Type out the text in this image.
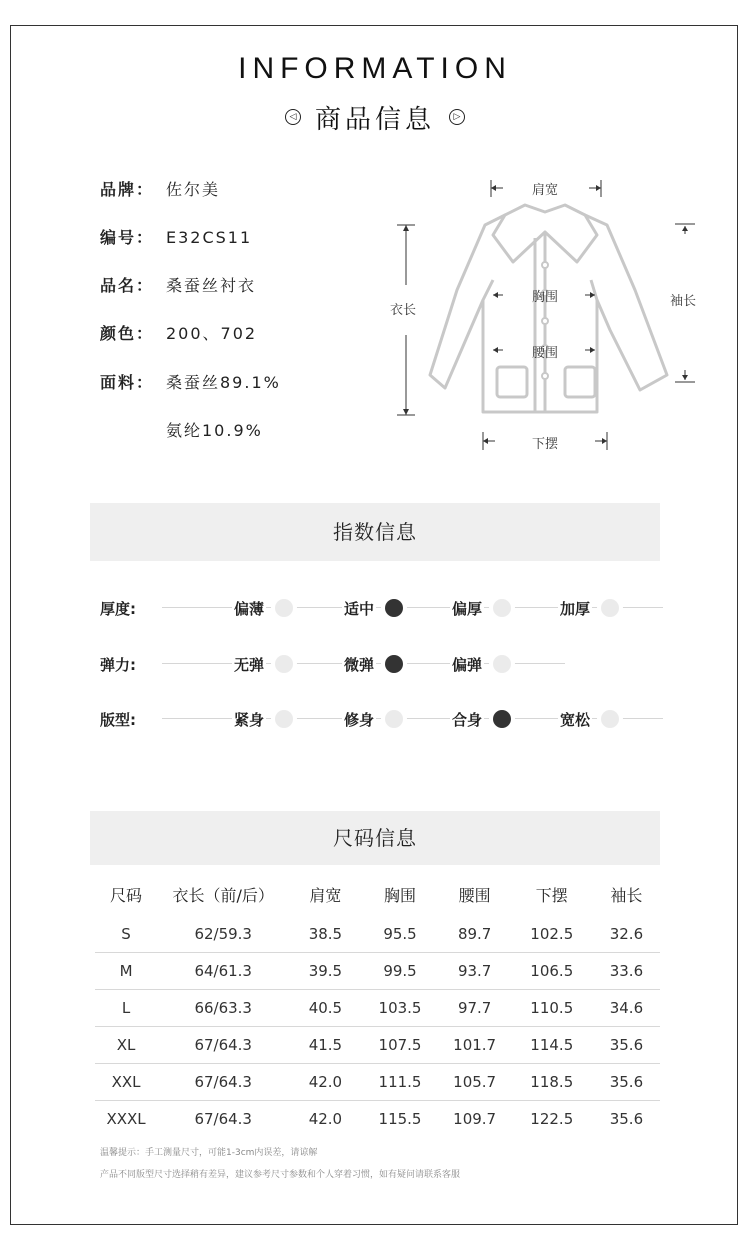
INFORMATION
◁ 商品信息	▷
品牌： 佐尔美
编号： E32CS11
品名： 桑蚕丝衬衣
颜色： 200、702
面料： 桑蚕丝89.1%
氨纶10.9%
肩宽
衣长
胸围
腰围
下摆
袖长
指数信息
厚度:	偏薄	适中	偏厚	加厚
弹力:	无弹	微弹	偏弹
版型:	紧身	修身	合身	宽松
尺码信息
尺码	衣长（前/后）	肩宽	胸围	腰围	下摆	袖长
S	62/59.3	38.5	95.5	89.7	102.5	32.6
M	64/61.3	39.5	99.5	93.7	106.5	33.6
L	66/63.3	40.5	103.5	97.7	110.5	34.6
XL	67/64.3	41.5	107.5	101.7	114.5	35.6
XXL	67/64.3	42.0	111.5	105.7	118.5	35.6
XXXL	67/64.3	42.0	115.5	109.7	122.5	35.6
温馨提示：手工测量尺寸，可能1-3cm内误差，请谅解
产品不同版型尺寸选择稍有差异，建议参考尺寸参数和个人穿着习惯，如有疑问请联系客服
